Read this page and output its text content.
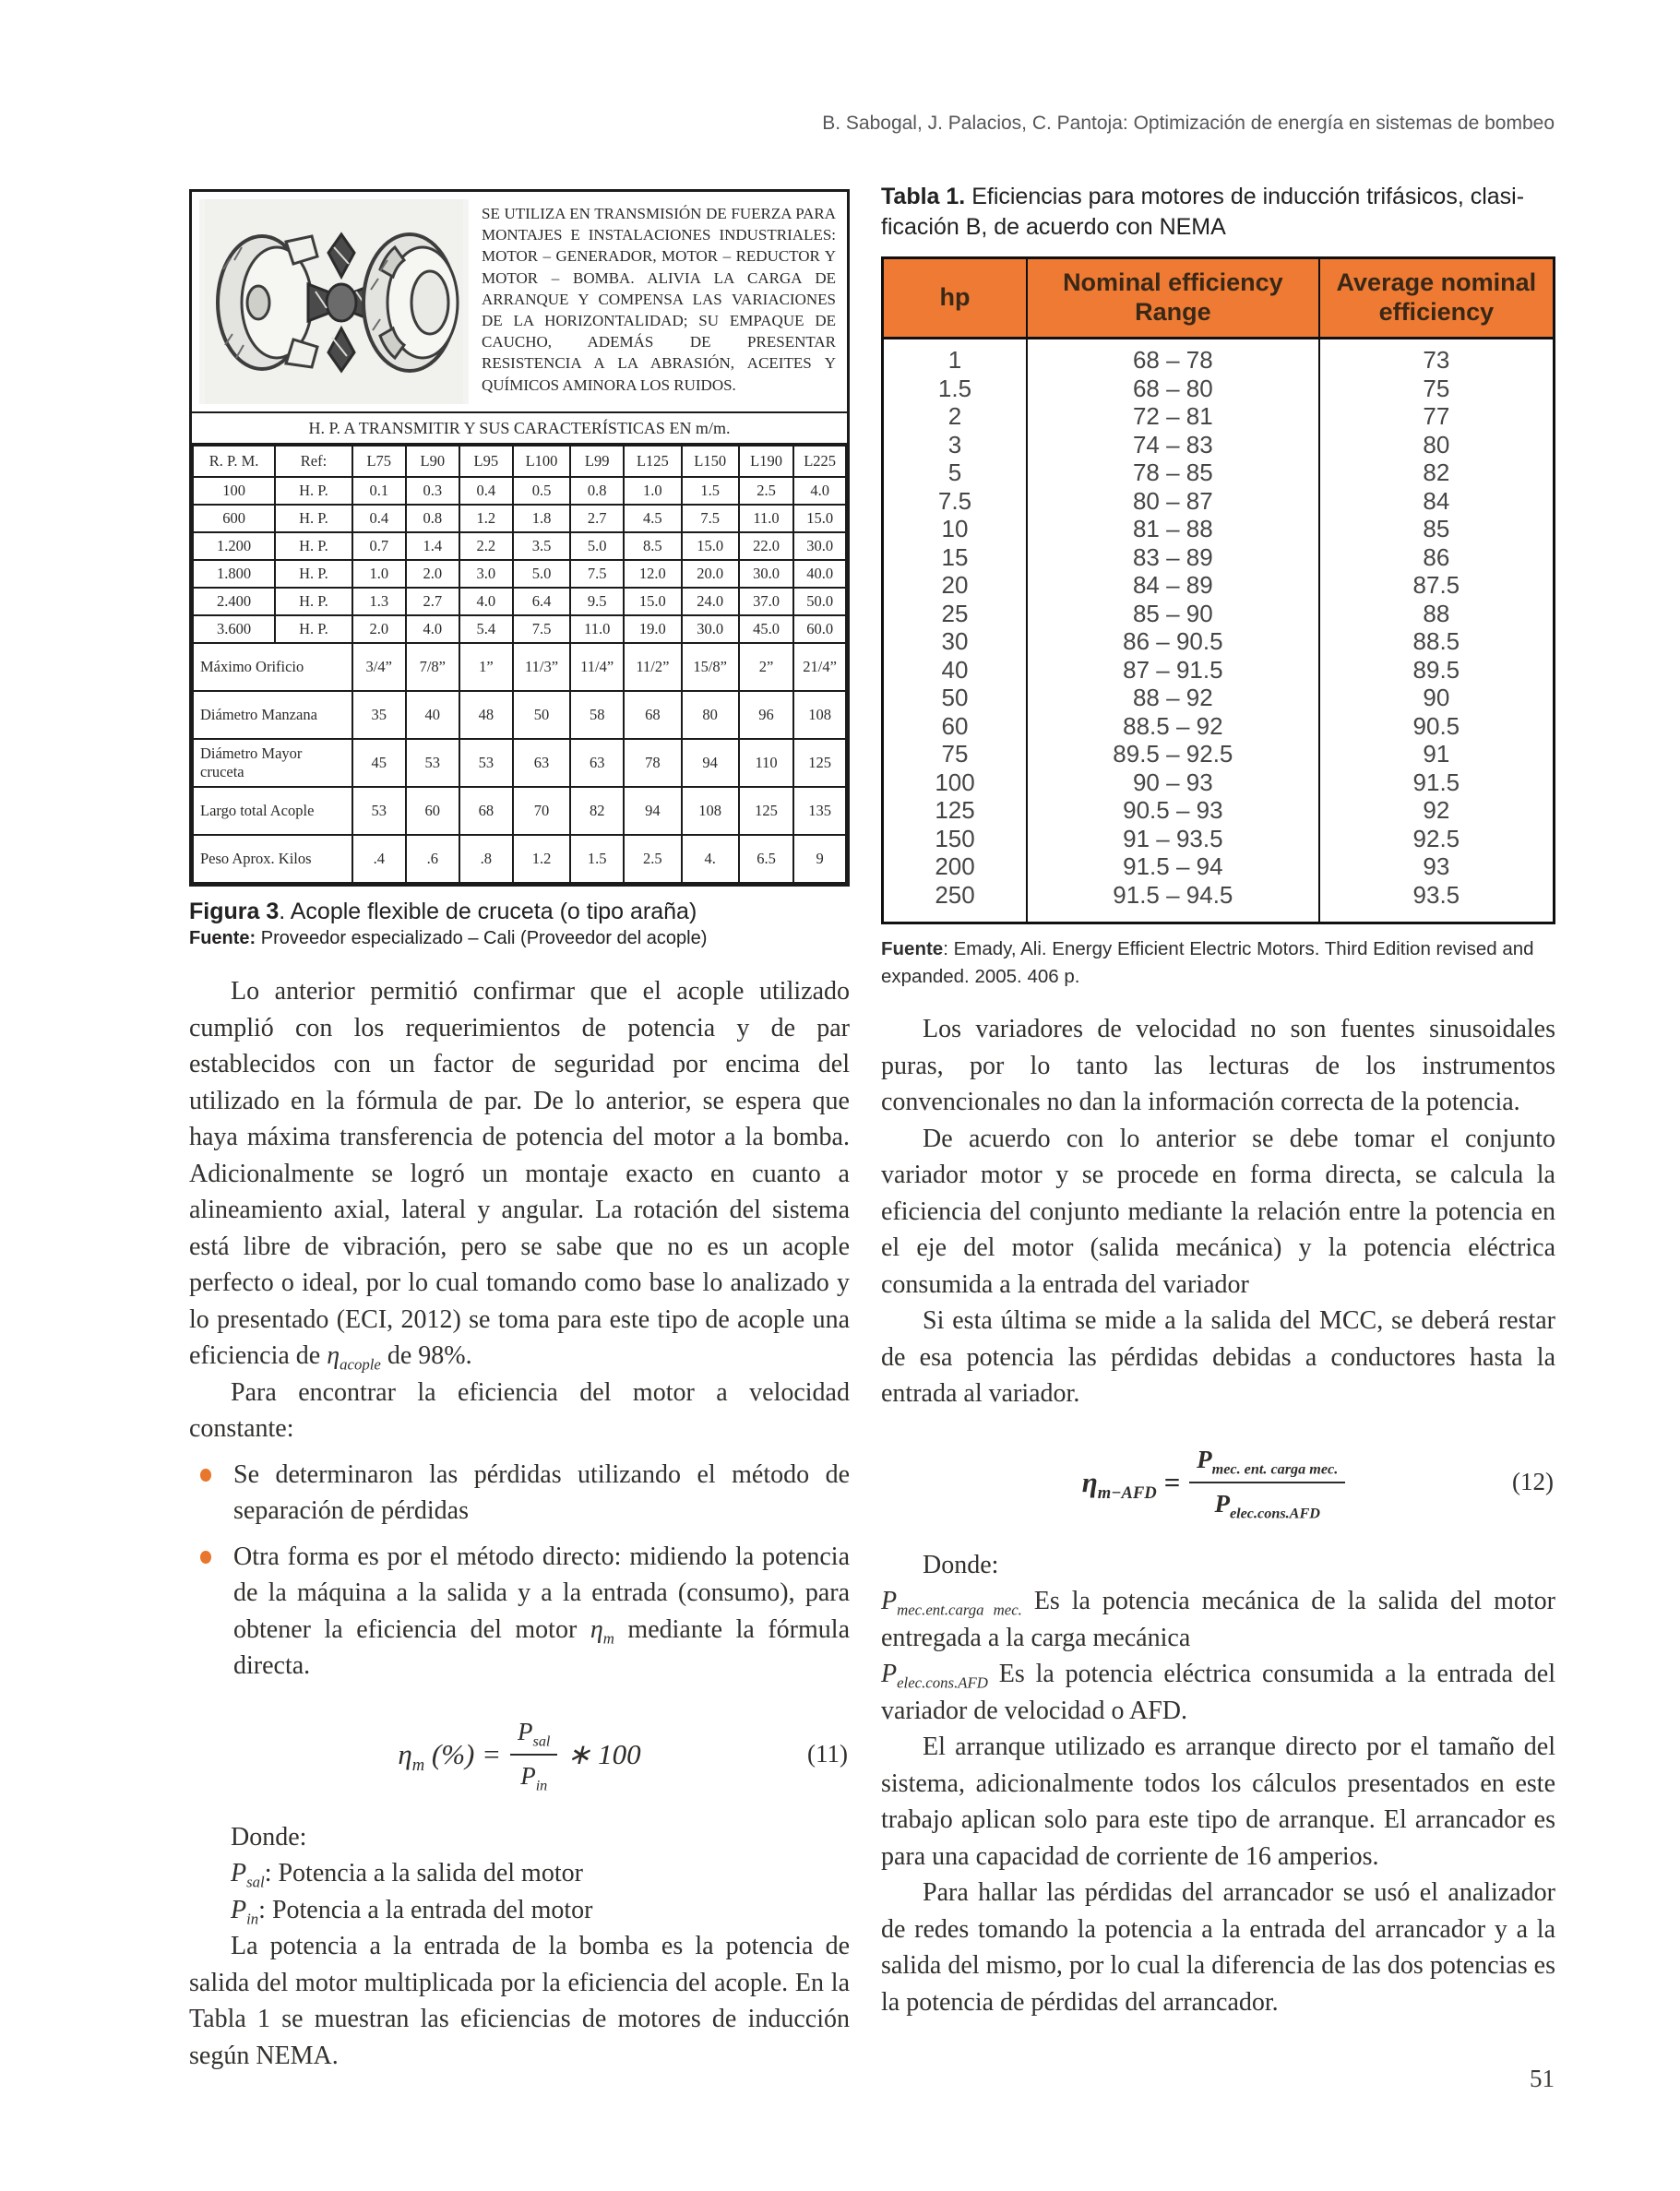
B. Sabogal, J. Palacios, C. Pantoja: Optimización de energía en sistemas de bombeo
SE UTILIZA EN TRANSMISIÓN DE FUERZA PARA MONTAJES E INSTALACIONES INDUSTRIALES: MOTOR – GENERADOR, MOTOR – REDUCTOR Y MOTOR – BOMBA. ALIVIA LA CARGA DE ARRANQUE Y COMPENSA LAS VARIACIONES DE LA HORIZONTALIDAD; SU EMPAQUE DE CAUCHO, ADEMÁS DE PRESENTAR RESISTENCIA A LA ABRASIÓN, ACEITES Y QUÍMICOS AMINORA LOS RUIDOS.
H. P. A TRANSMITIR Y SUS CARACTERÍSTICAS EN m/m.
R. P. M.	Ref:	L75	L90	L95	L100	L99	L125	L150	L190	L225
100	H. P.	0.1	0.3	0.4	0.5	0.8	1.0	1.5	2.5	4.0
600	H. P.	0.4	0.8	1.2	1.8	2.7	4.5	7.5	11.0	15.0
1.200	H. P.	0.7	1.4	2.2	3.5	5.0	8.5	15.0	22.0	30.0
1.800	H. P.	1.0	2.0	3.0	5.0	7.5	12.0	20.0	30.0	40.0
2.400	H. P.	1.3	2.7	4.0	6.4	9.5	15.0	24.0	37.0	50.0
3.600	H. P.	2.0	4.0	5.4	7.5	11.0	19.0	30.0	45.0	60.0
Máximo Orificio		3/4”	7/8”	1”	11/3”	11/4”	11/2”	15/8”	2”	21/4”
Diámetro Manzana		35	40	48	50	58	68	80	96	108
Diámetro Mayor cruceta		45	53	53	63	63	78	94	110	125
Largo total Acople		53	60	68	70	82	94	108	125	135
Peso Aprox. Kilos		.4	.6	.8	1.2	1.5	2.5	4.	6.5	9
Figura 3. Acople flexible de cruceta (o tipo araña)
Fuente: Proveedor especializado – Cali (Proveedor del acople)

Lo anterior permitió confirmar que el acople utilizado cumplió con los requerimientos de potencia y de par establecidos con un factor de seguridad por encima del utilizado en la fórmula de par. De lo anterior, se espera que haya máxima transferencia de potencia del motor a la bomba. Adicionalmente se logró un montaje exacto en cuanto a alineamiento axial, lateral y angular. La rotación del sistema está libre de vibración, pero se sabe que no es un acople perfecto o ideal, por lo cual tomando como base lo analizado y lo presentado (ECI, 2012) se toma para este tipo de acople una eficiencia de $\eta_{acople}$ de 98%.

Para encontrar la eficiencia del motor a velocidad constante:

Se determinaron las pérdidas utilizando el método de separación de pérdidas
Otra forma es por el método directo: midiendo la potencia de la máquina a la salida y a la entrada (consumo), para obtener la eficiencia del motor $\eta_m$ mediante la fórmula directa.
$\eta_m$ (%) = $\frac{P_{sal}}{P_{in}}$ ∗ 100	(11)

Donde:

$P_{sal}$: Potencia a la salida del motor

$P_{in}$: Potencia a la entrada del motor

La potencia a la entrada de la bomba es la potencia de salida del motor multiplicada por la eficiencia del acople. En la Tabla 1 se muestran las eficiencias de motores de inducción según NEMA.

Tabla 1. Eficiencias para motores de inducción trifásicos, clasi-
ficación B, de acuerdo con NEMA
hp	Nominal efficiency Range	Average nominal efficiency
1	68 – 78	73
1.5	68 – 80	75
2	72 – 81	77
3	74 – 83	80
5	78 – 85	82
7.5	80 – 87	84
10	81 – 88	85
15	83 – 89	86
20	84 – 89	87.5
25	85 – 90	88
30	86 – 90.5	88.5
40	87 – 91.5	89.5
50	88 – 92	90
60	88.5 – 92	90.5
75	89.5 – 92.5	91
100	90 – 93	91.5
125	90.5 – 93	92
150	91 – 93.5	92.5
200	91.5 – 94	93
250	91.5 – 94.5	93.5
Fuente: Emady, Ali. Energy Efficient Electric Motors. Third Edition revised and expanded. 2005. 406 p.

Los variadores de velocidad no son fuentes sinusoidales puras, por lo tanto las lecturas de los instrumentos convencionales no dan la información correcta de la potencia.

De acuerdo con lo anterior se debe tomar el conjunto variador motor y se procede en forma directa, se calcula la eficiencia del conjunto mediante la relación entre la potencia en el eje del motor (salida mecánica) y la potencia eléctrica consumida a la entrada del variador

Si esta última se mide a la salida del MCC, se deberá restar de esa potencia las pérdidas debidas a conductores hasta la entrada al variador.

$\eta_{m-AFD} = \frac{P_{mec. ent. carga mec.}}{P_{elec.cons.AFD}}$	(12)

Donde:

$P_{mec.ent.carga mec.}$ Es la potencia mecánica de la salida del motor entregada a la carga mecánica

$P_{elec.cons.AFD}$ Es la potencia eléctrica consumida a la entrada del variador de velocidad o AFD.

El arranque utilizado es arranque directo por el tamaño del sistema, adicionalmente todos los cálculos presentados en este trabajo aplican solo para este tipo de arranque. El arrancador es para una capacidad de corriente de 16 amperios.

Para hallar las pérdidas del arrancador se usó el analizador de redes tomando la potencia a la entrada del arrancador y a la salida del mismo, por lo cual la diferencia de las dos potencias es la potencia de pérdidas del arrancador.

51
